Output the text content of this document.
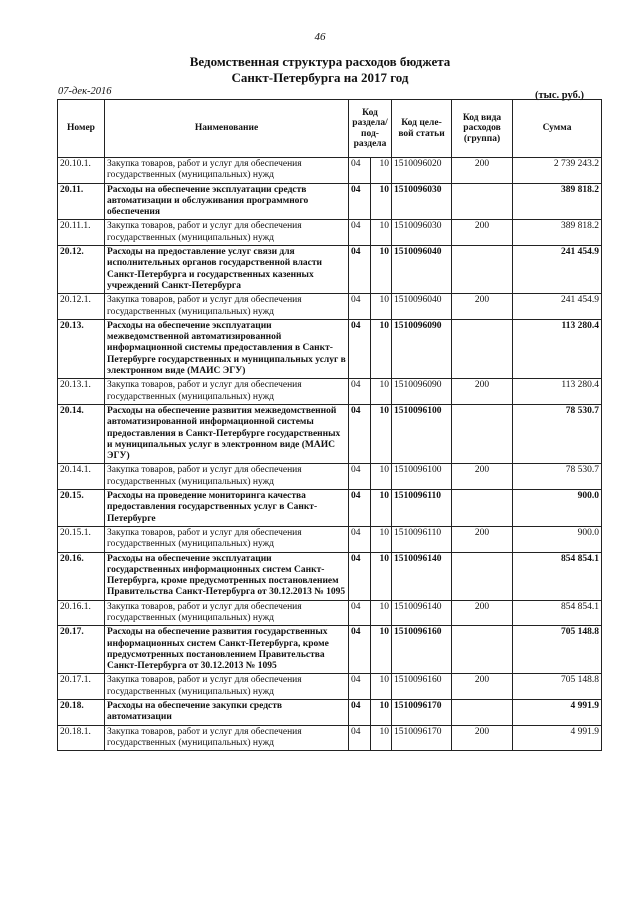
46
Ведомственная структура расходов бюджета
Санкт-Петербурга на 2017 год
07-дек-2016	(тыс. руб.)
Номер	Наименование	Код раздела/ под- раздела		Код целе- вой статьи	Код вида расходов (группа)	Сумма
20.10.1.	Закупка товаров, работ и услуг для обеспечения государственных (муниципальных) нужд	04	10	1510096020	200	2 739 243.2
20.11.	Расходы на обеспечение эксплуатации средств автоматизации и обслуживания программного обеспечения	04	10	1510096030		389 818.2
20.11.1.	Закупка товаров, работ и услуг для обеспечения государственных (муниципальных) нужд	04	10	1510096030	200	389 818.2
20.12.	Расходы на предоставление услуг связи для исполнительных органов государственной власти Санкт-Петербурга и государственных казенных учреждений Санкт-Петербурга	04	10	1510096040		241 454.9
20.12.1.	Закупка товаров, работ и услуг для обеспечения государственных (муниципальных) нужд	04	10	1510096040	200	241 454.9
20.13.	Расходы на обеспечение эксплуатации межведомственной автоматизированной информационной системы предоставления в Санкт-Петербурге государственных и муниципальных услуг в электронном виде (МАИС ЭГУ)	04	10	1510096090		113 280.4
20.13.1.	Закупка товаров, работ и услуг для обеспечения государственных (муниципальных) нужд	04	10	1510096090	200	113 280.4
20.14.	Расходы на обеспечение развития межведомственной автоматизированной информационной системы предоставления в Санкт-Петербурге государственных и муниципальных услуг в электронном виде (МАИС ЭГУ)	04	10	1510096100		78 530.7
20.14.1.	Закупка товаров, работ и услуг для обеспечения государственных (муниципальных) нужд	04	10	1510096100	200	78 530.7
20.15.	Расходы на проведение мониторинга качества предоставления государственных услуг в Санкт-Петербурге	04	10	1510096110		900.0
20.15.1.	Закупка товаров, работ и услуг для обеспечения государственных (муниципальных) нужд	04	10	1510096110	200	900.0
20.16.	Расходы на обеспечение эксплуатации государственных информационных систем Санкт-Петербурга, кроме предусмотренных постановлением Правительства Санкт-Петербурга от 30.12.2013 № 1095	04	10	1510096140		854 854.1
20.16.1.	Закупка товаров, работ и услуг для обеспечения государственных (муниципальных) нужд	04	10	1510096140	200	854 854.1
20.17.	Расходы на обеспечение развития государственных информационных систем Санкт-Петербурга, кроме предусмотренных постановлением Правительства Санкт-Петербурга от 30.12.2013 № 1095	04	10	1510096160		705 148.8
20.17.1.	Закупка товаров, работ и услуг для обеспечения государственных (муниципальных) нужд	04	10	1510096160	200	705 148.8
20.18.	Расходы на обеспечение закупки средств автоматизации	04	10	1510096170		4 991.9
20.18.1.	Закупка товаров, работ и услуг для обеспечения государственных (муниципальных) нужд	04	10	1510096170	200	4 991.9
